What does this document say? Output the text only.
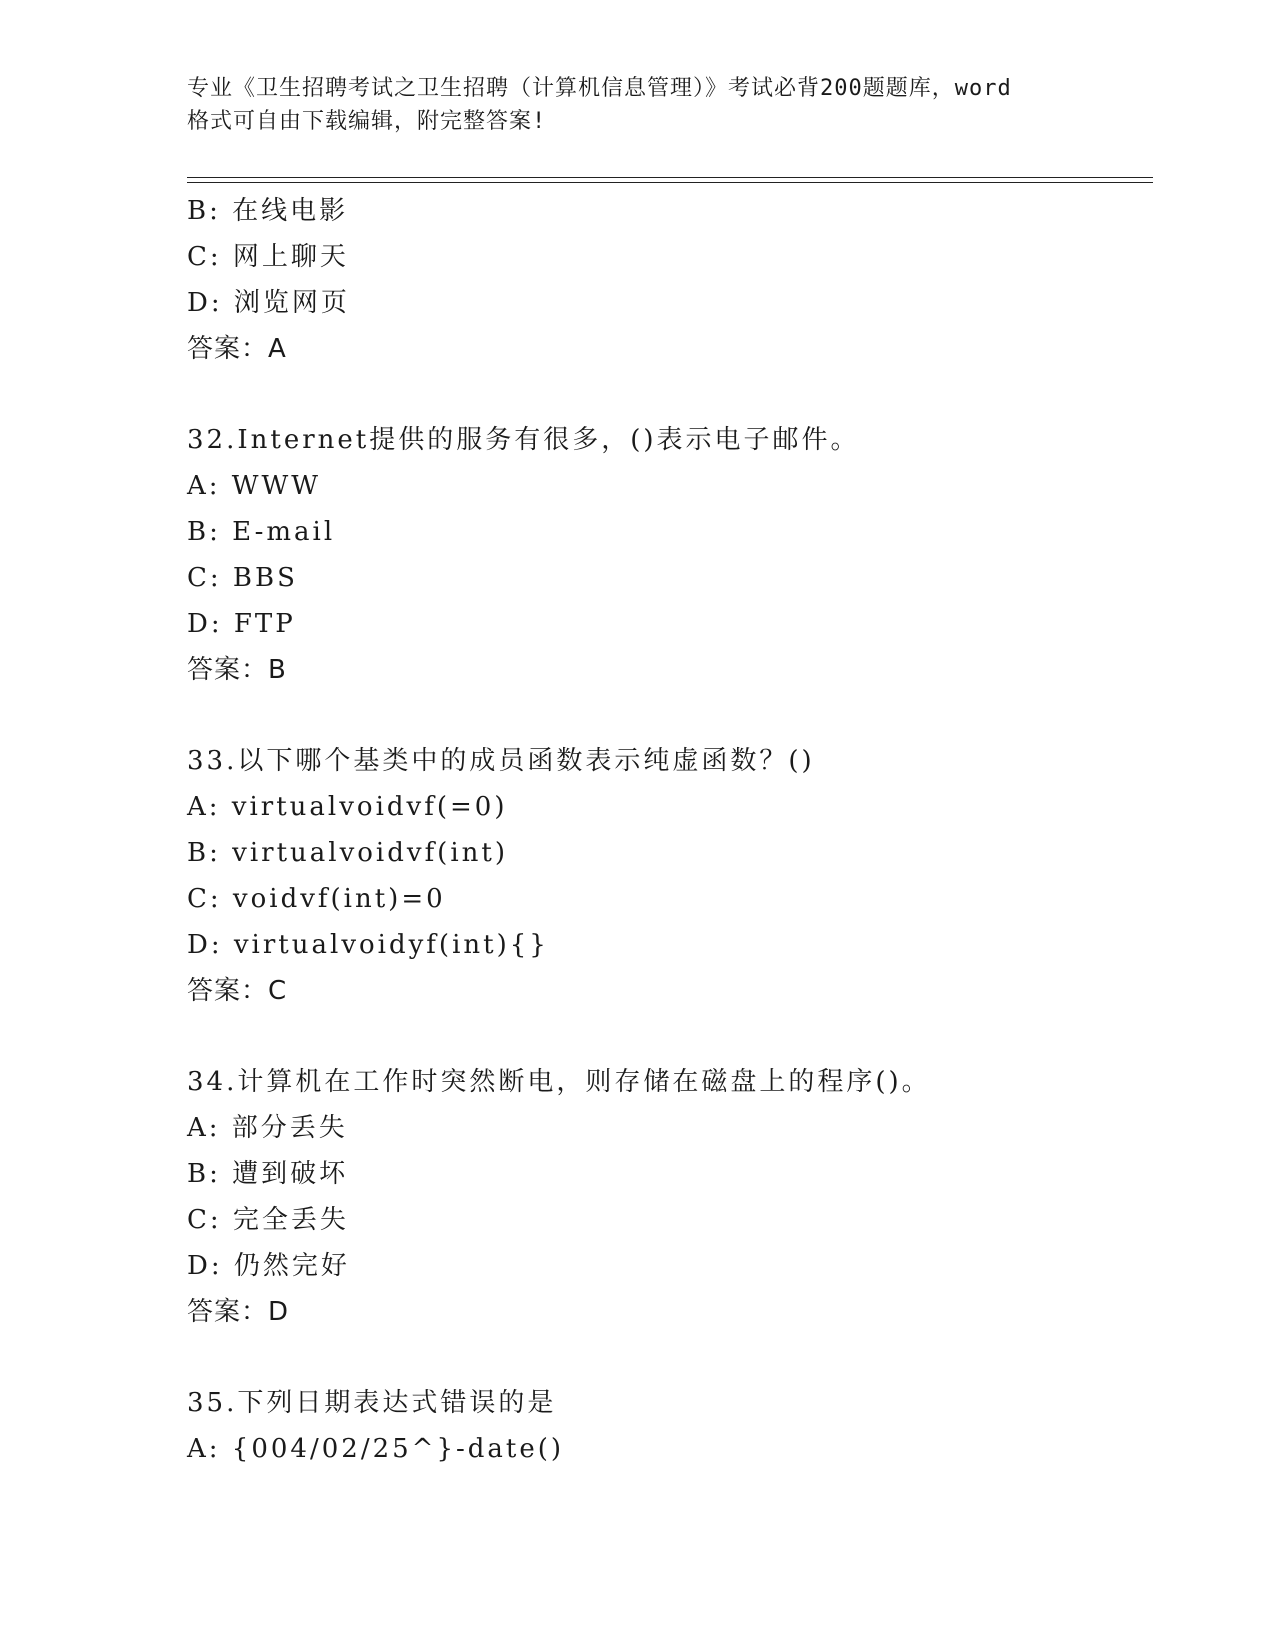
专业《卫生招聘考试之卫生招聘（计算机信息管理）》考试必背200题题库，word
格式可自由下载编辑，附完整答案!
B: 在线电影
C: 网上聊天
D: 浏览网页
答案：A
32.Internet提供的服务有很多，()表示电子邮件。
A: WWW
B: E-mail
C: BBS
D: FTP
答案：B
33.以下哪个基类中的成员函数表示纯虚函数？()
A: virtualvoidvf(=0)
B: virtualvoidvf(int)
C: voidvf(int)=0
D: virtualvoidyf(int){}
答案：C
34.计算机在工作时突然断电，则存储在磁盘上的程序()。
A: 部分丢失
B: 遭到破坏
C: 完全丢失
D: 仍然完好
答案：D
35.下列日期表达式错误的是
A: {004/02/25^}-date()
